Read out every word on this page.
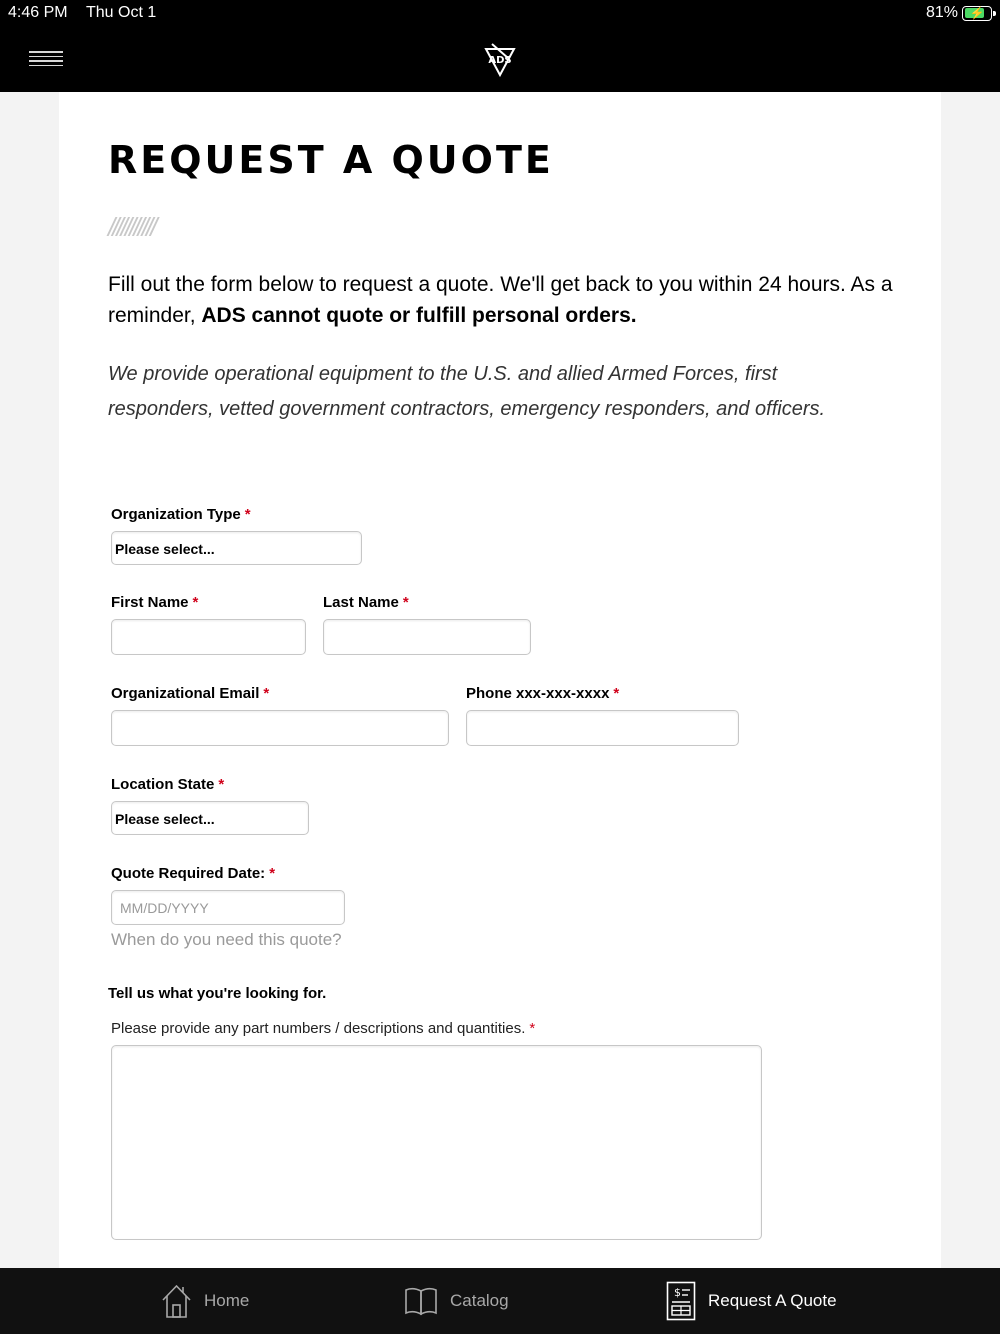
4:46 PM Thu Oct 1	81% ⚡
ADS
REQUEST A QUOTE
///////////

Fill out the form below to request a quote. We'll get back to you within 24 hours. As a reminder, ADS cannot quote or fulfill personal orders.

We provide operational equipment to the U.S. and allied Armed Forces, first responders, vetted government contractors, emergency responders, and officers.

Organization Type *
Please select...
First Name *	Last Name *
Organizational Email *	Phone xxx-xxx-xxxx *
Location State *
Please select...
Quote Required Date: *
MM/DD/YYYY
When do you need this quote?
Tell us what you're looking for.
Please provide any part numbers / descriptions and quantities. *
Home	Catalog	$ Request A Quote
